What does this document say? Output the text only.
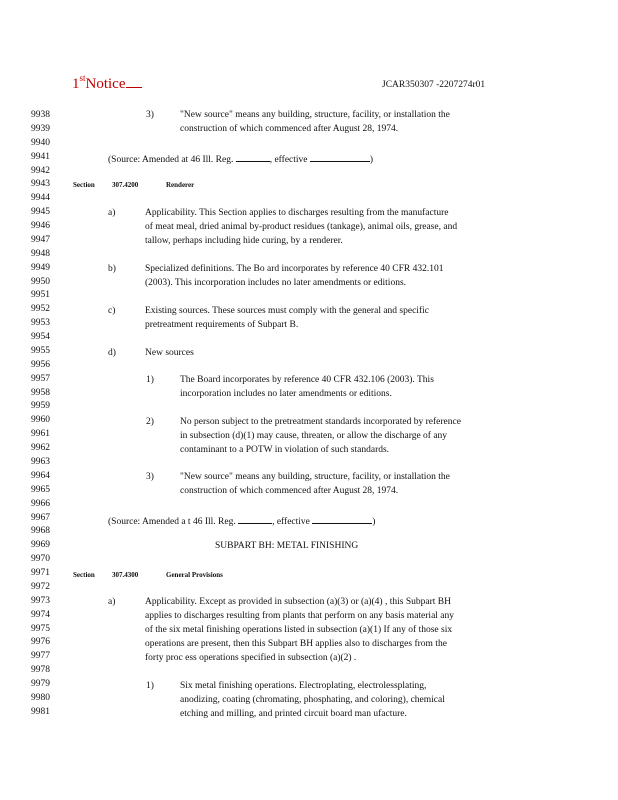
1stNotice	JCAR350307 -2207274r01
9938
9939
9940
9941
9942
9943
9944
9945
9946
9947
9948
9949
9950
9951
9952
9953
9954
9955
9956
9957
9958
9959
9960
9961
9962
9963
9964
9965
9966
9967
9968
9969
9970
9971
9972
9973
9974
9975
9976
9977
9978
9979
9980
9981
3)	"New source" means any building, structure, facility, or installation the
construction of which commenced after August 28, 1974.
(Source: Amended at 46 Ill. Reg.	, effective	)
Section 307.4200	Renderer
a)	Applicability. This Section applies to discharges resulting from the manufacture
of meat meal, dried animal by-product residues (tankage), animal oils, grease, and
tallow, perhaps including hide curing, by a renderer.
b)	Specialized definitions. The Bo ard incorporates by reference 40 CFR 432.101
(2003). This incorporation includes no later amendments or editions.
c)	Existing sources. These sources must comply with the general and specific
pretreatment requirements of Subpart B.
d)	New sources
1)	The Board incorporates by reference 40 CFR 432.106 (2003). This
incorporation includes no later amendments or editions.
2)	No person subject to the pretreatment standards incorporated by reference
in subsection (d)(1) may cause, threaten, or allow the discharge of any
contaminant to a POTW in violation of such standards.
3)	"New source" means any building, structure, facility, or installation the
construction of which commenced after August 28, 1974.
(Source: Amended a t 46 Ill. Reg.	, effective	)
SUBPART BH: METAL FINISHING
Section 307.4300	General Provisions
a)	Applicability. Except as provided in subsection (a)(3) or (a)(4) , this Subpart BH
applies to discharges resulting from plants that perform on any basis material any
of the six metal finishing operations listed in subsection (a)(1) If any of those six
operations are present, then this Subpart BH applies also to discharges from the
forty proc ess operations specified in subsection (a)(2) .
1)	Six metal finishing operations. Electroplating, electrolessplating,
anodizing, coating (chromating, phosphating, and coloring), chemical
etching and milling, and printed circuit board man ufacture.
